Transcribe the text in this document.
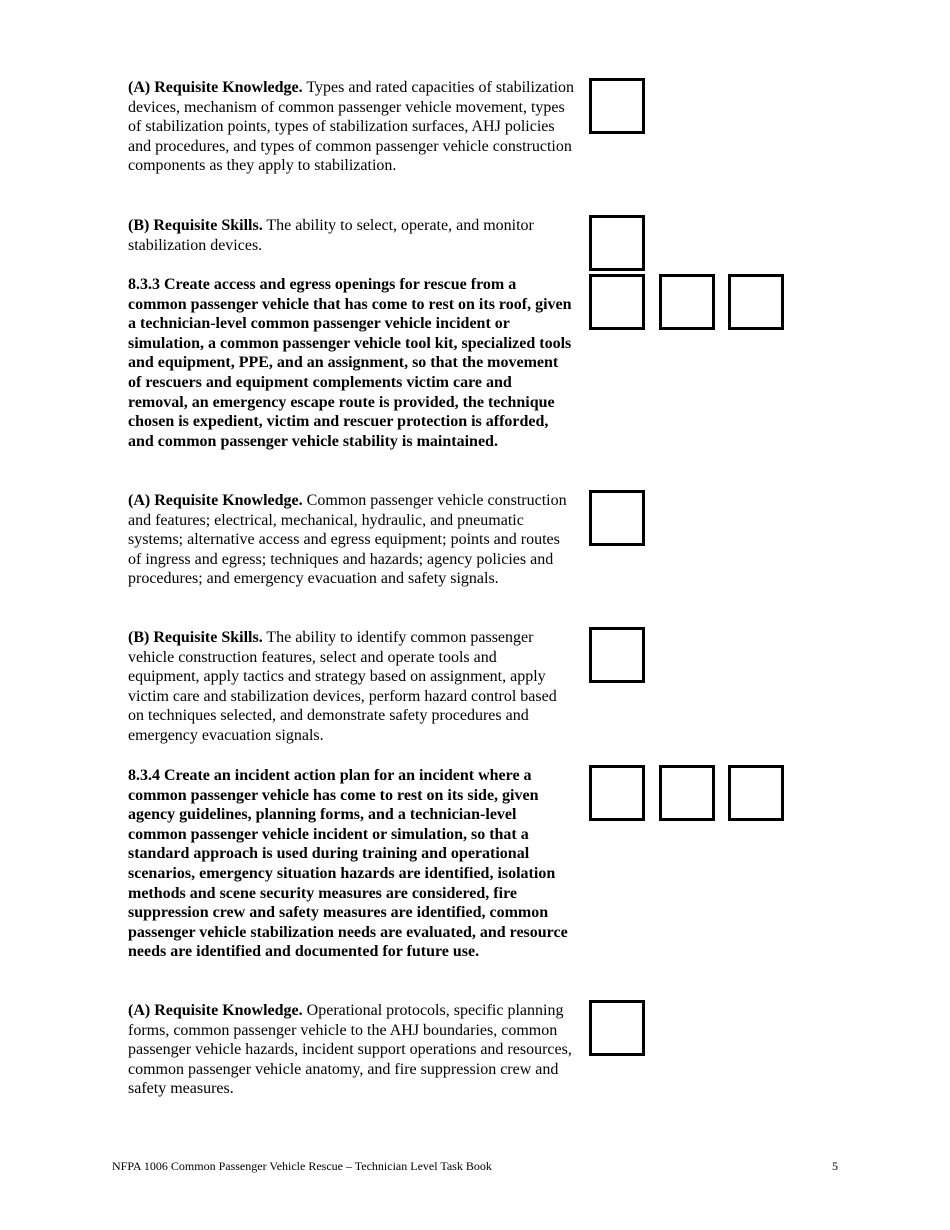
(A) Requisite Knowledge. Types and rated capacities of stabilization devices, mechanism of common passenger vehicle movement, types of stabilization points, types of stabilization surfaces, AHJ policies and procedures, and types of common passenger vehicle construction components as they apply to stabilization.

(B) Requisite Skills. The ability to select, operate, and monitor stabilization devices.

8.3.3 Create access and egress openings for rescue from a common passenger vehicle that has come to rest on its roof, given a technician-level common passenger vehicle incident or simulation, a common passenger vehicle tool kit, specialized tools and equipment, PPE, and an assignment, so that the movement of rescuers and equipment complements victim care and removal, an emergency escape route is provided, the technique chosen is expedient, victim and rescuer protection is afforded, and common passenger vehicle stability is maintained.

(A) Requisite Knowledge. Common passenger vehicle construction and features; electrical, mechanical, hydraulic, and pneumatic systems; alternative access and egress equipment; points and routes of ingress and egress; techniques and hazards; agency policies and procedures; and emergency evacuation and safety signals.

(B) Requisite Skills. The ability to identify common passenger vehicle construction features, select and operate tools and equipment, apply tactics and strategy based on assignment, apply victim care and stabilization devices, perform hazard control based on techniques selected, and demonstrate safety procedures and emergency evacuation signals.

8.3.4 Create an incident action plan for an incident where a common passenger vehicle has come to rest on its side, given agency guidelines, planning forms, and a technician-level common passenger vehicle incident or simulation, so that a standard approach is used during training and operational scenarios, emergency situation hazards are identified, isolation methods and scene security measures are considered, fire suppression crew and safety measures are identified, common passenger vehicle stabilization needs are evaluated, and resource needs are identified and documented for future use.

(A) Requisite Knowledge. Operational protocols, specific planning forms, common passenger vehicle to the AHJ boundaries, common passenger vehicle hazards, incident support operations and resources, common passenger vehicle anatomy, and fire suppression crew and safety measures.

NFPA 1006 Common Passenger Vehicle Rescue – Technician Level Task Book	5
